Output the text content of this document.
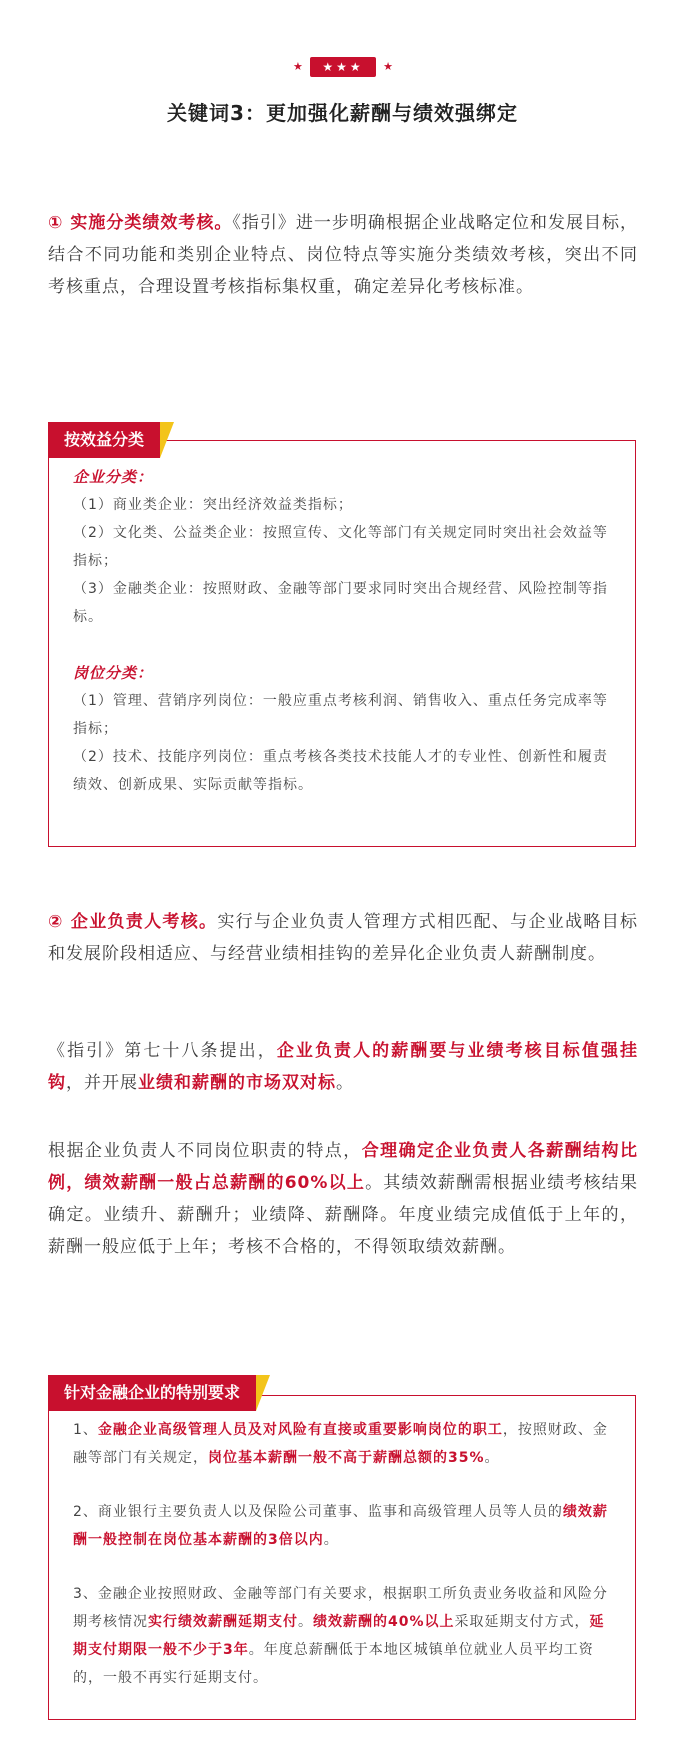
★	★★★	★
关键词3：更加强化薪酬与绩效强绑定
① 实施分类绩效考核。《指引》进一步明确根据企业战略定位和发展目标，结合不同功能和类别企业特点、岗位特点等实施分类绩效考核，突出不同考核重点，合理设置考核指标集权重，确定差异化考核标准。
企业分类：
（1）商业类企业：突出经济效益类指标；
（2）文化类、公益类企业：按照宣传、文化等部门有关规定同时突出社会效益等指标；
（3）金融类企业：按照财政、金融等部门要求同时突出合规经营、风险控制等指标。
岗位分类：
（1）管理、营销序列岗位：一般应重点考核利润、销售收入、重点任务完成率等指标；
（2）技术、技能序列岗位：重点考核各类技术技能人才的专业性、创新性和履责绩效、创新成果、实际贡献等指标。
按效益分类
② 企业负责人考核。实行与企业负责人管理方式相匹配、与企业战略目标和发展阶段相适应、与经营业绩相挂钩的差异化企业负责人薪酬制度。
《指引》第七十八条提出，企业负责人的薪酬要与业绩考核目标值强挂钩，并开展业绩和薪酬的市场双对标。
根据企业负责人不同岗位职责的特点，合理确定企业负责人各薪酬结构比例，绩效薪酬一般占总薪酬的60%以上。其绩效薪酬需根据业绩考核结果确定。业绩升、薪酬升；业绩降、薪酬降。年度业绩完成值低于上年的，薪酬一般应低于上年；考核不合格的，不得领取绩效薪酬。
1、金融企业高级管理人员及对风险有直接或重要影响岗位的职工，按照财政、金融等部门有关规定，岗位基本薪酬一般不高于薪酬总额的35%。
2、商业银行主要负责人以及保险公司董事、监事和高级管理人员等人员的绩效薪酬一般控制在岗位基本薪酬的3倍以内。
3、金融企业按照财政、金融等部门有关要求，根据职工所负责业务收益和风险分期考核情况实行绩效薪酬延期支付。绩效薪酬的40%以上采取延期支付方式，延期支付期限一般不少于3年。年度总薪酬低于本地区城镇单位就业人员平均工资的，一般不再实行延期支付。
针对金融企业的特别要求
